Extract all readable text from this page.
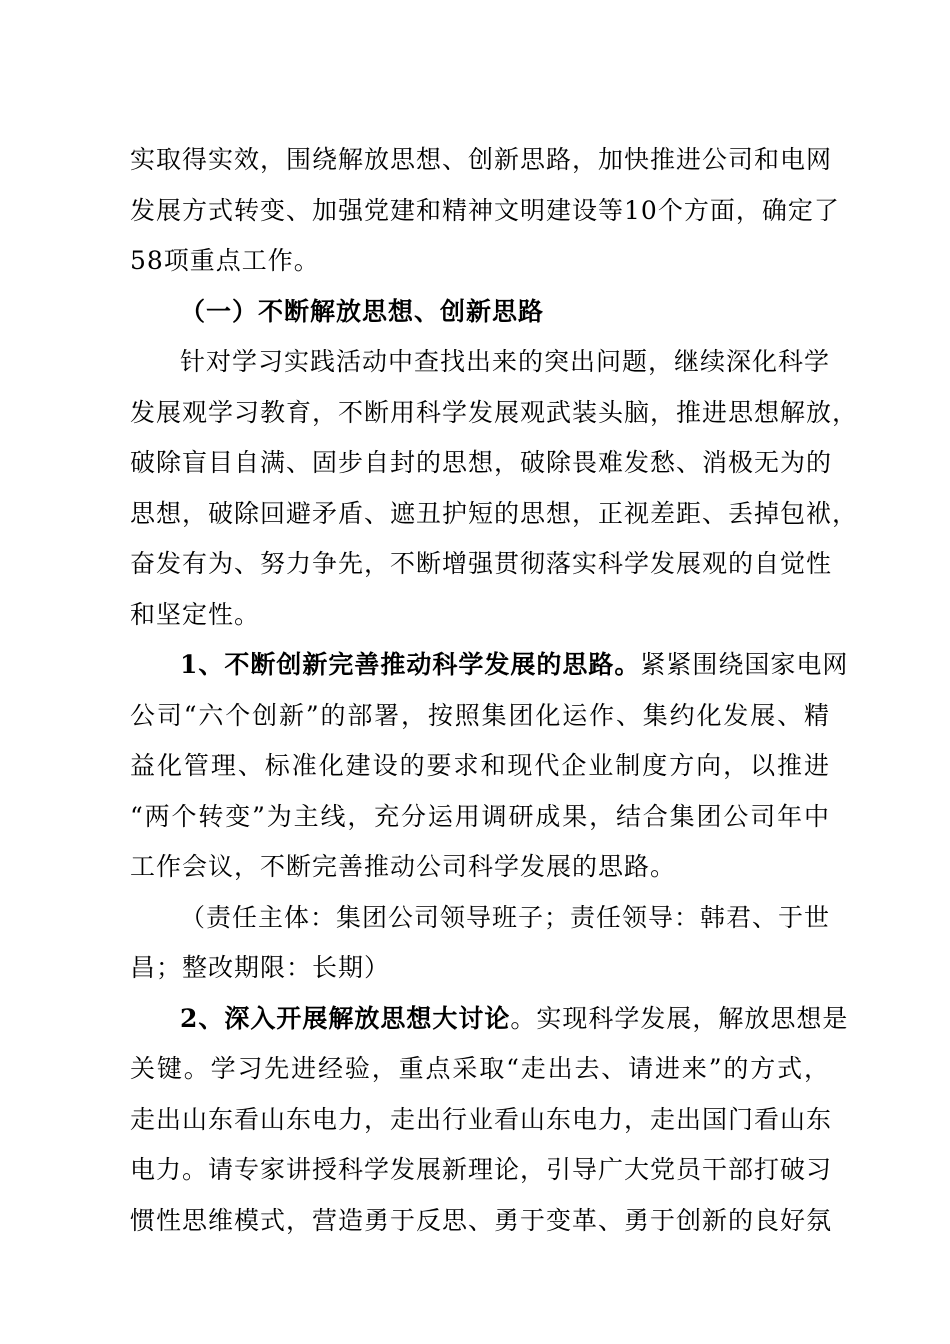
实取得实效，围绕解放思想、创新思路，加快推进公司和电网
发展方式转变、加强党建和精神文明建设等10个方面，确定了
58项重点工作。
（一）不断解放思想、创新思路
针对学习实践活动中查找出来的突出问题，继续深化科学
发展观学习教育，不断用科学发展观武装头脑，推进思想解放，
破除盲目自满、固步自封的思想，破除畏难发愁、消极无为的
思想，破除回避矛盾、遮丑护短的思想，正视差距、丢掉包袱，
奋发有为、努力争先，不断增强贯彻落实科学发展观的自觉性
和坚定性。
1、不断创新完善推动科学发展的思路。紧紧围绕国家电网
公司“六个创新”的部署，按照集团化运作、集约化发展、精
益化管理、标准化建设的要求和现代企业制度方向，以推进
“两个转变”为主线，充分运用调研成果，结合集团公司年中
工作会议，不断完善推动公司科学发展的思路。
（责任主体：集团公司领导班子；责任领导：韩君、于世
昌；整改期限：长期）
2、深入开展解放思想大讨论。实现科学发展，解放思想是
关键。学习先进经验，重点采取“走出去、请进来”的方式，
走出山东看山东电力，走出行业看山东电力，走出国门看山东
电力。请专家讲授科学发展新理论，引导广大党员干部打破习
惯性思维模式，营造勇于反思、勇于变革、勇于创新的良好氛
